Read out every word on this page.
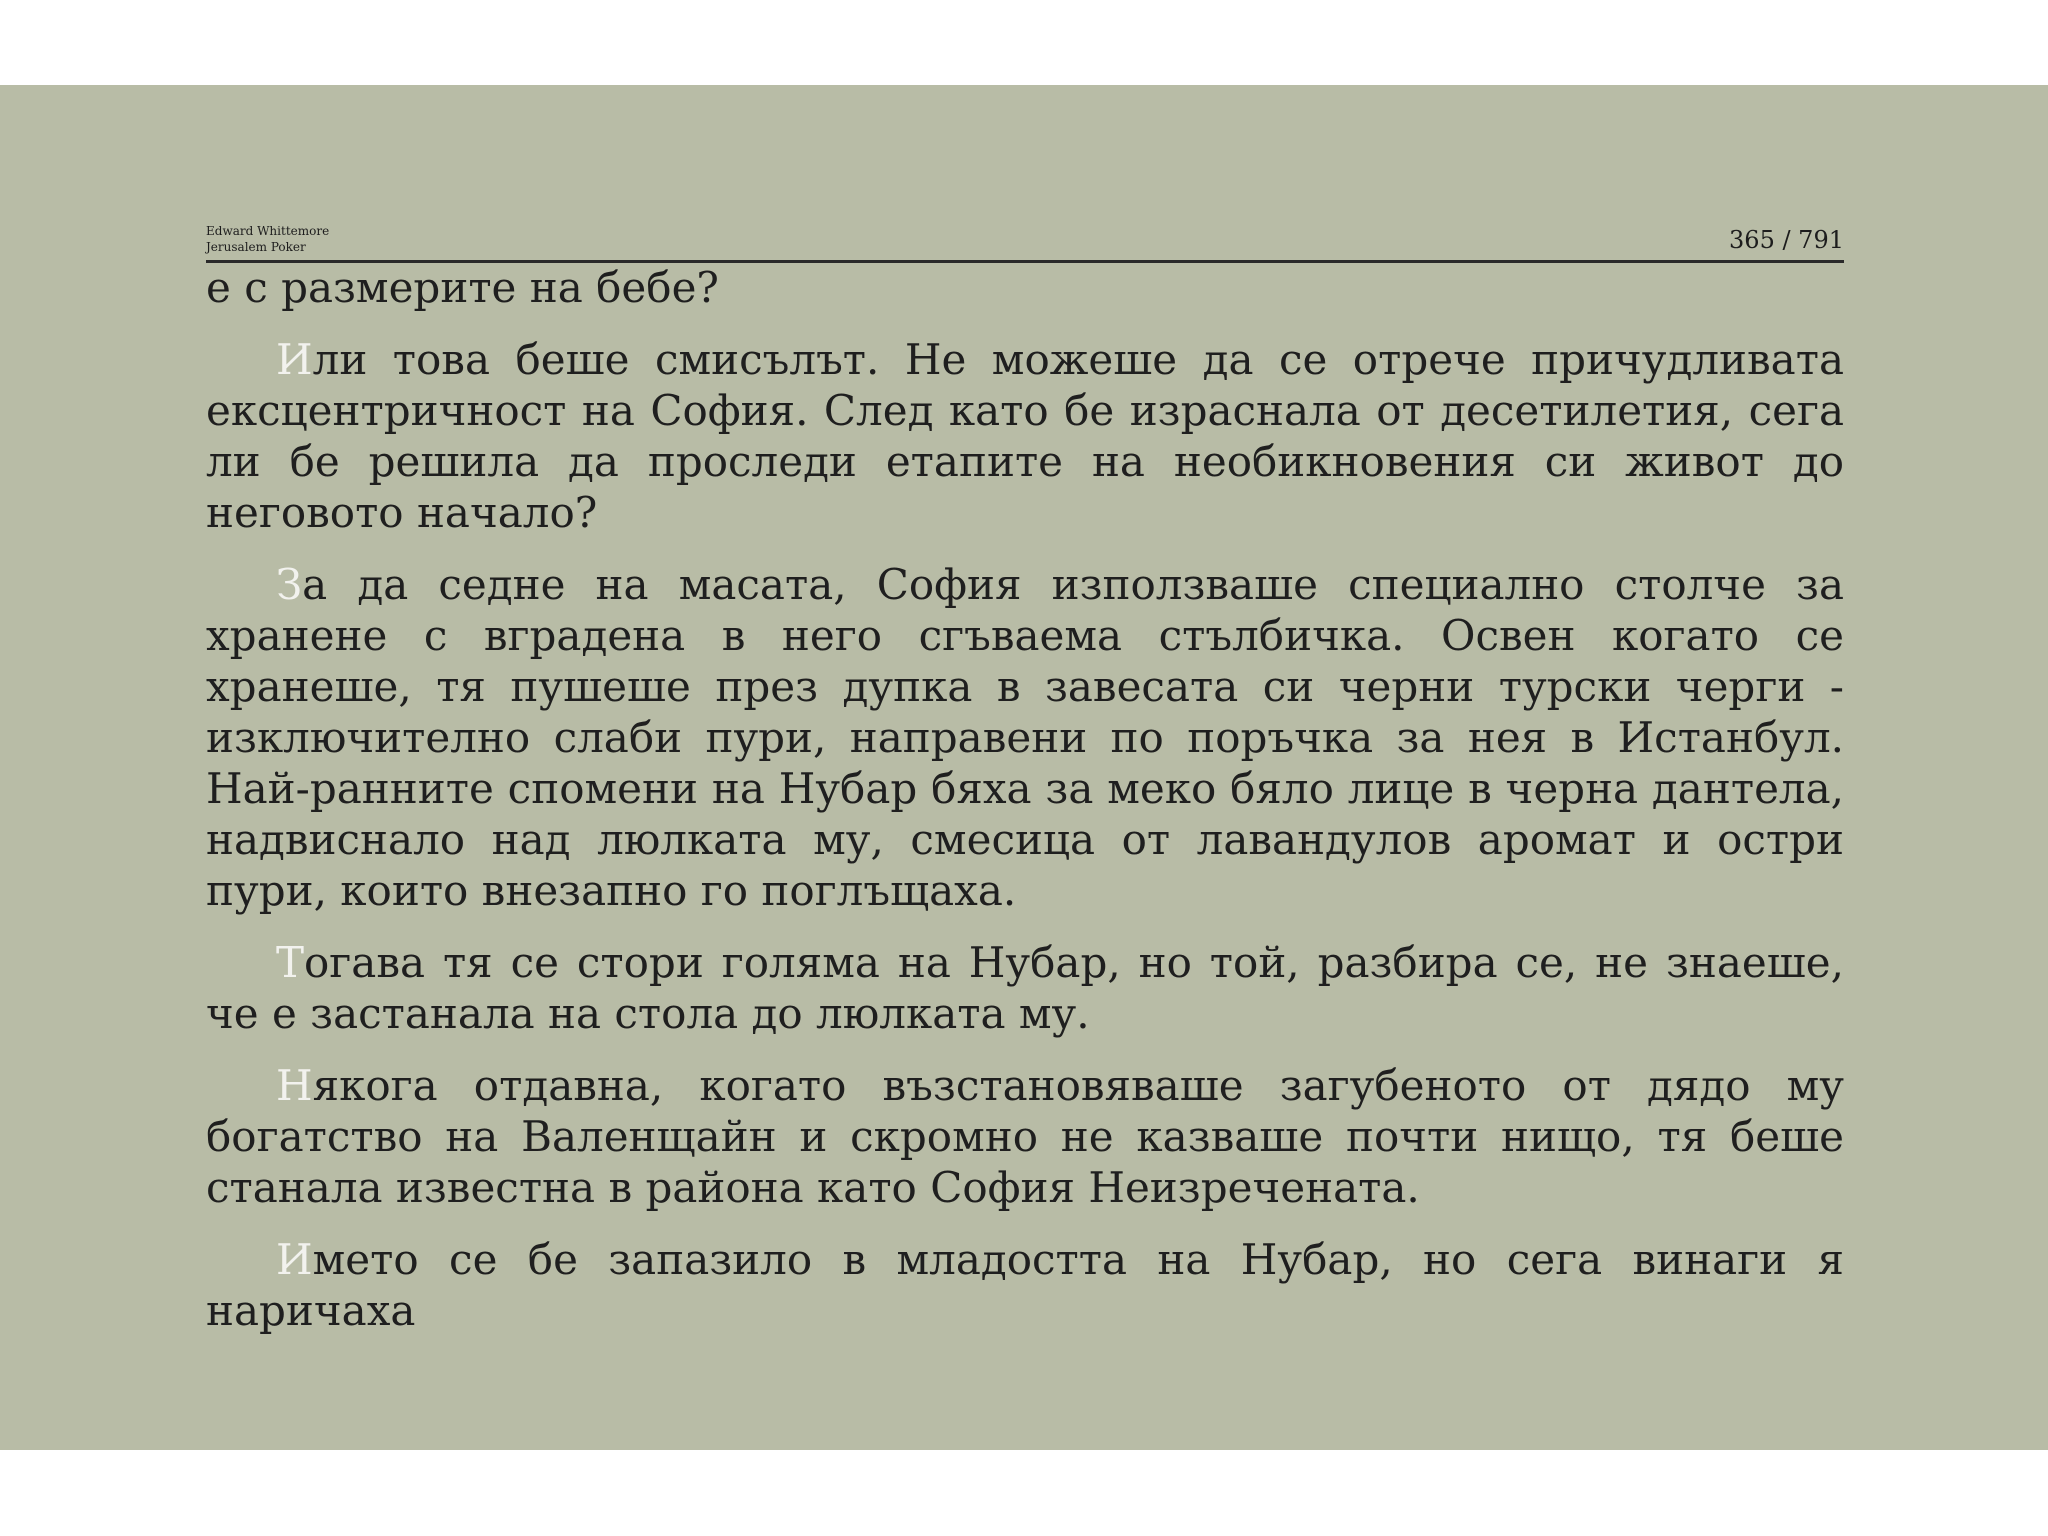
Edward Whittemore
Jerusalem Poker	365 / 791

е с размерите на бебе?

Или това беше смисълът. Не можеше да се отрече причудливата ексцентричност на София. След като бе израснала от десетилетия, сега ли бе решила да проследи етапите на необикновения си живот до неговото начало?

За да седне на масата, София използваше специално столче за хранене с вградена в него сгъваема стълбичка. Освен когато се хранеше, тя пушеше през дупка в завесата си черни турски черги - изключително слаби пури, направени по поръчка за нея в Истанбул. Най-ранните спомени на Нубар бяха за меко бяло лице в черна дантела, надвиснало над люлката му, смесица от лавандулов аромат и остри пури, които внезапно го поглъщаха.

Тогава тя се стори голяма на Нубар, но той, разбира се, не знаеше, че е застанала на стола до люлката му.

Някога отдавна, когато възстановяваше загубеното от дядо му богатство на Валенщайн и скромно не казваше почти нищо, тя беше станала известна в района като София Неизречената.

Името се бе запазило в младостта на Нубар, но сега винаги я наричаха
